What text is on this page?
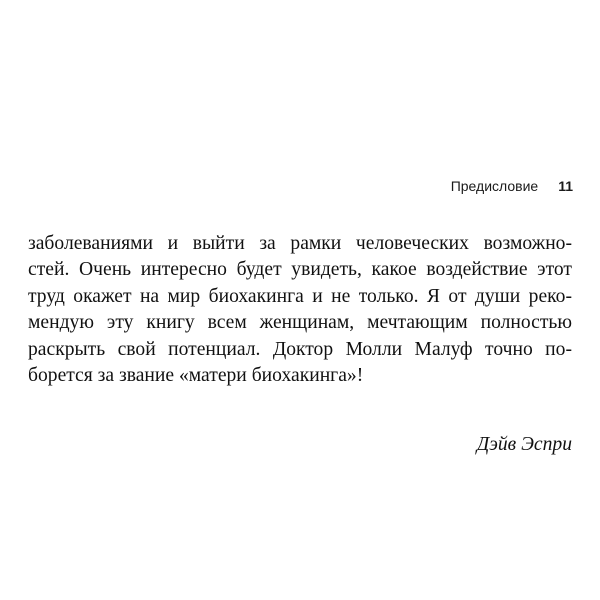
Предисловие 11

заболеваниями и выйти за рамки человеческих возможно-
стей. Очень интересно будет увидеть, какое воздействие этот
труд окажет на мир биохакинга и не только. Я от души реко-
мендую эту книгу всем женщинам, мечтающим полностью
раскрыть свой потенциал. Доктор Молли Малуф точно по-
борется за звание «матери биохакинга»!

Дэйв Эспри
